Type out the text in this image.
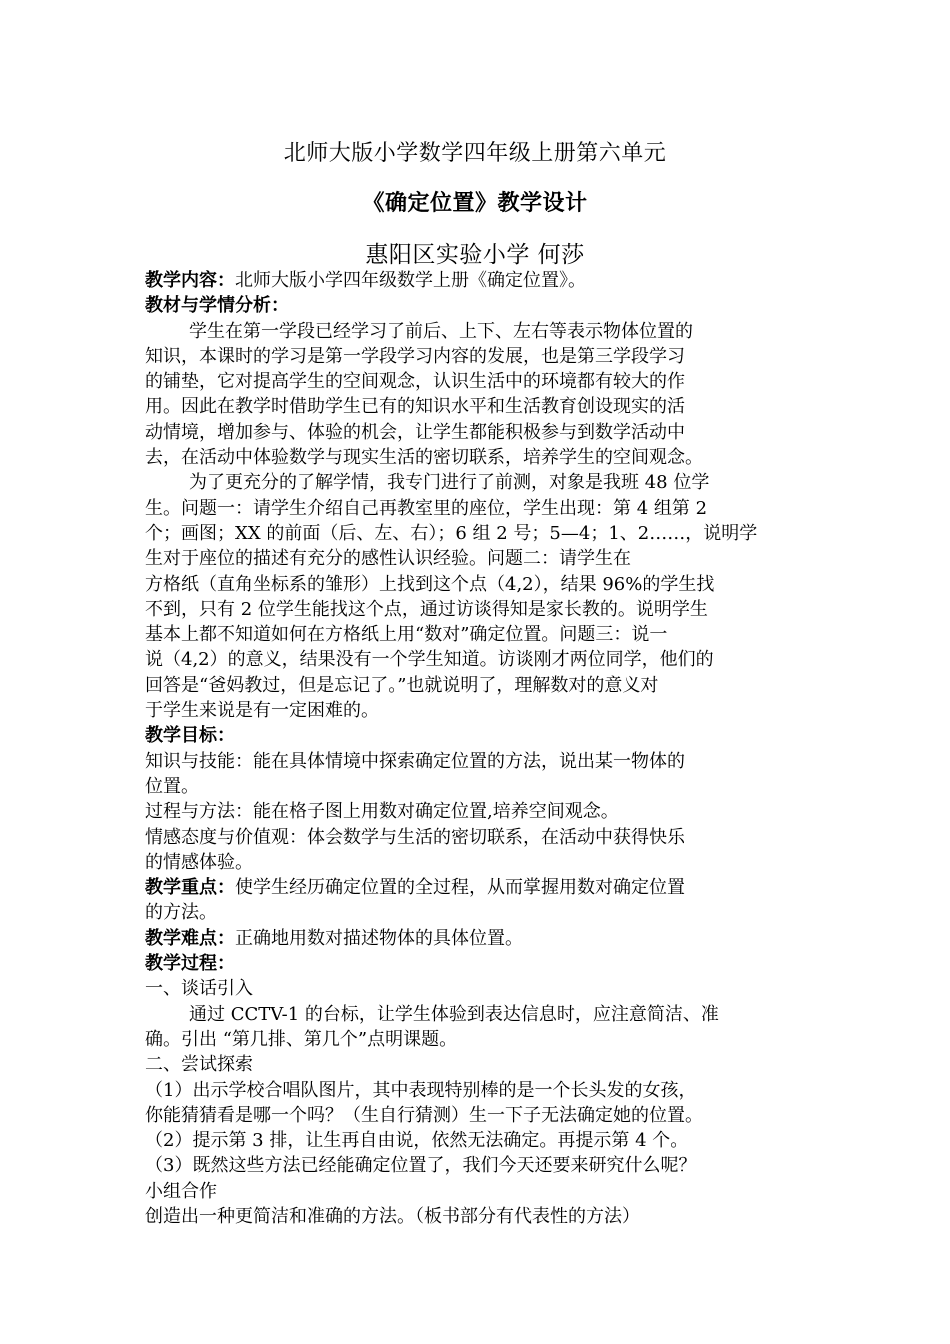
北师大版小学数学四年级上册第六单元
《确定位置》教学设计
惠阳区实验小学 何莎

教学内容：北师大版小学四年级数学上册《确定位置》。

教材与学情分析：

学生在第一学段已经学习了前后、上下、左右等表示物体位置的

知识，本课时的学习是第一学段学习内容的发展，也是第三学段学习

的铺垫，它对提高学生的空间观念，认识生活中的环境都有较大的作

用。因此在教学时借助学生已有的知识水平和生活教育创设现实的活

动情境，增加参与、体验的机会，让学生都能积极参与到数学活动中

去，在活动中体验数学与现实生活的密切联系，培养学生的空间观念。

为了更充分的了解学情，我专门进行了前测，对象是我班 48 位学

生。问题一：请学生介绍自己再教室里的座位，学生出现：第 4 组第 2

个；画图；XX 的前面（后、左、右）；6 组 2 号；5—4；1、2……，说明学

生对于座位的描述有充分的感性认识经验。问题二：请学生在

方格纸（直角坐标系的雏形）上找到这个点（4,2），结果 96%的学生找

不到，只有 2 位学生能找这个点，通过访谈得知是家长教的。说明学生

基本上都不知道如何在方格纸上用“数对”确定位置。问题三：说一

说（4,2）的意义，结果没有一个学生知道。访谈刚才两位同学，他们的

回答是“爸妈教过，但是忘记了。”也就说明了，理解数对的意义对

于学生来说是有一定困难的。

教学目标：

知识与技能：能在具体情境中探索确定位置的方法，说出某一物体的

位置。

过程与方法：能在格子图上用数对确定位置,培养空间观念。

情感态度与价值观：体会数学与生活的密切联系，在活动中获得快乐

的情感体验。

教学重点：使学生经历确定位置的全过程，从而掌握用数对确定位置

的方法。

教学难点：正确地用数对描述物体的具体位置。

教学过程：

一、谈话引入

通过 CCTV-1 的台标，让学生体验到表达信息时，应注意简洁、准

确。引出 “第几排、第几个”点明课题。

二、尝试探索

（1）出示学校合唱队图片，其中表现特别棒的是一个长头发的女孩，

你能猜猜看是哪一个吗？（生自行猜测）生一下子无法确定她的位置。

（2）提示第 3 排，让生再自由说，依然无法确定。再提示第 4 个。

（3）既然这些方法已经能确定位置了，我们今天还要来研究什么呢？

小组合作

创造出一种更简洁和准确的方法。（板书部分有代表性的方法）
